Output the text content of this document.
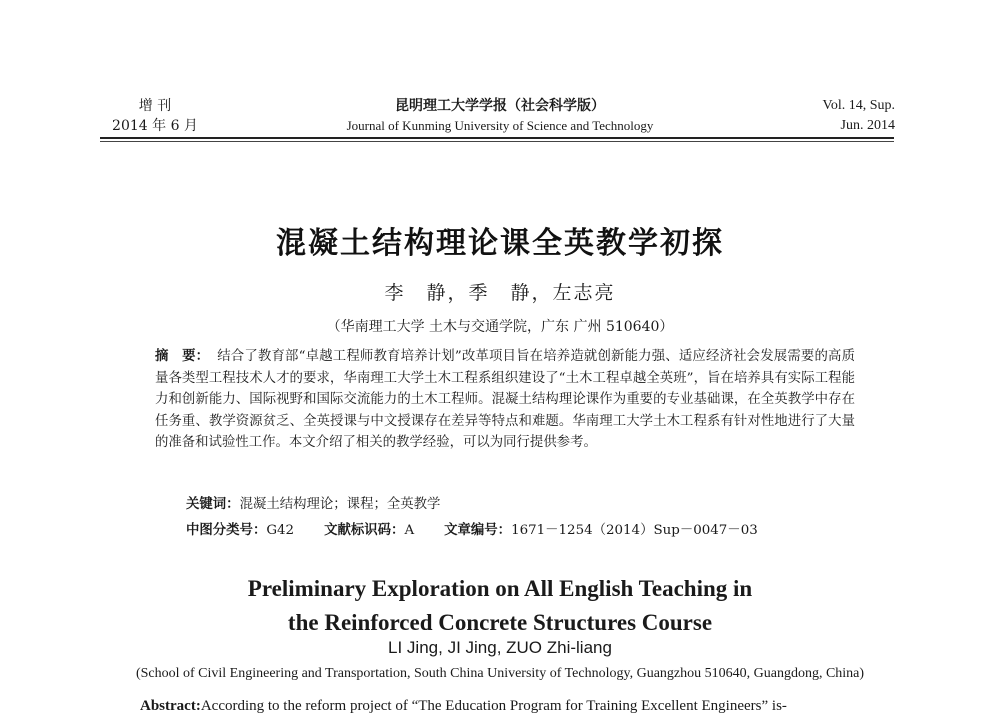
增 刊
2014 年 6 月
昆明理工大学学报（社会科学版）
Journal of Kunming University of Science and Technology
Vol. 14, Sup.
Jun. 2014
混凝土结构理论课全英教学初探
李　静，季　静，左志亮
（华南理工大学 土木与交通学院，广东 广州 510640）
摘　要： 结合了教育部“卓越工程师教育培养计划”改革项目旨在培养造就创新能力强、适应经济社会发展需要的高质量各类型工程技术人才的要求，华南理工大学土木工程系组织建设了“土木工程卓越全英班”，旨在培养具有实际工程能力和创新能力、国际视野和国际交流能力的土木工程师。混凝土结构理论课作为重要的专业基础课，在全英教学中存在任务重、教学资源贫乏、全英授课与中文授课存在差异等特点和难题。华南理工大学土木工程系有针对性地进行了大量的准备和试验性工作。本文介绍了相关的教学经验，可以为同行提供参考。
关键词：混凝土结构理论；课程；全英教学
中图分类号：G42 文献标识码：A 文章编号：1671－1254（2014）Sup－0047－03
Preliminary Exploration on All English Teaching in
the Reinforced Concrete Structures Course
LI Jing, JI Jing, ZUO Zhi-liang
(School of Civil Engineering and Transportation, South China University of Technology, Guangzhou 510640, Guangdong, China)
Abstract:According to the reform project of “The Education Program for Training Excellent Engineers” is-
